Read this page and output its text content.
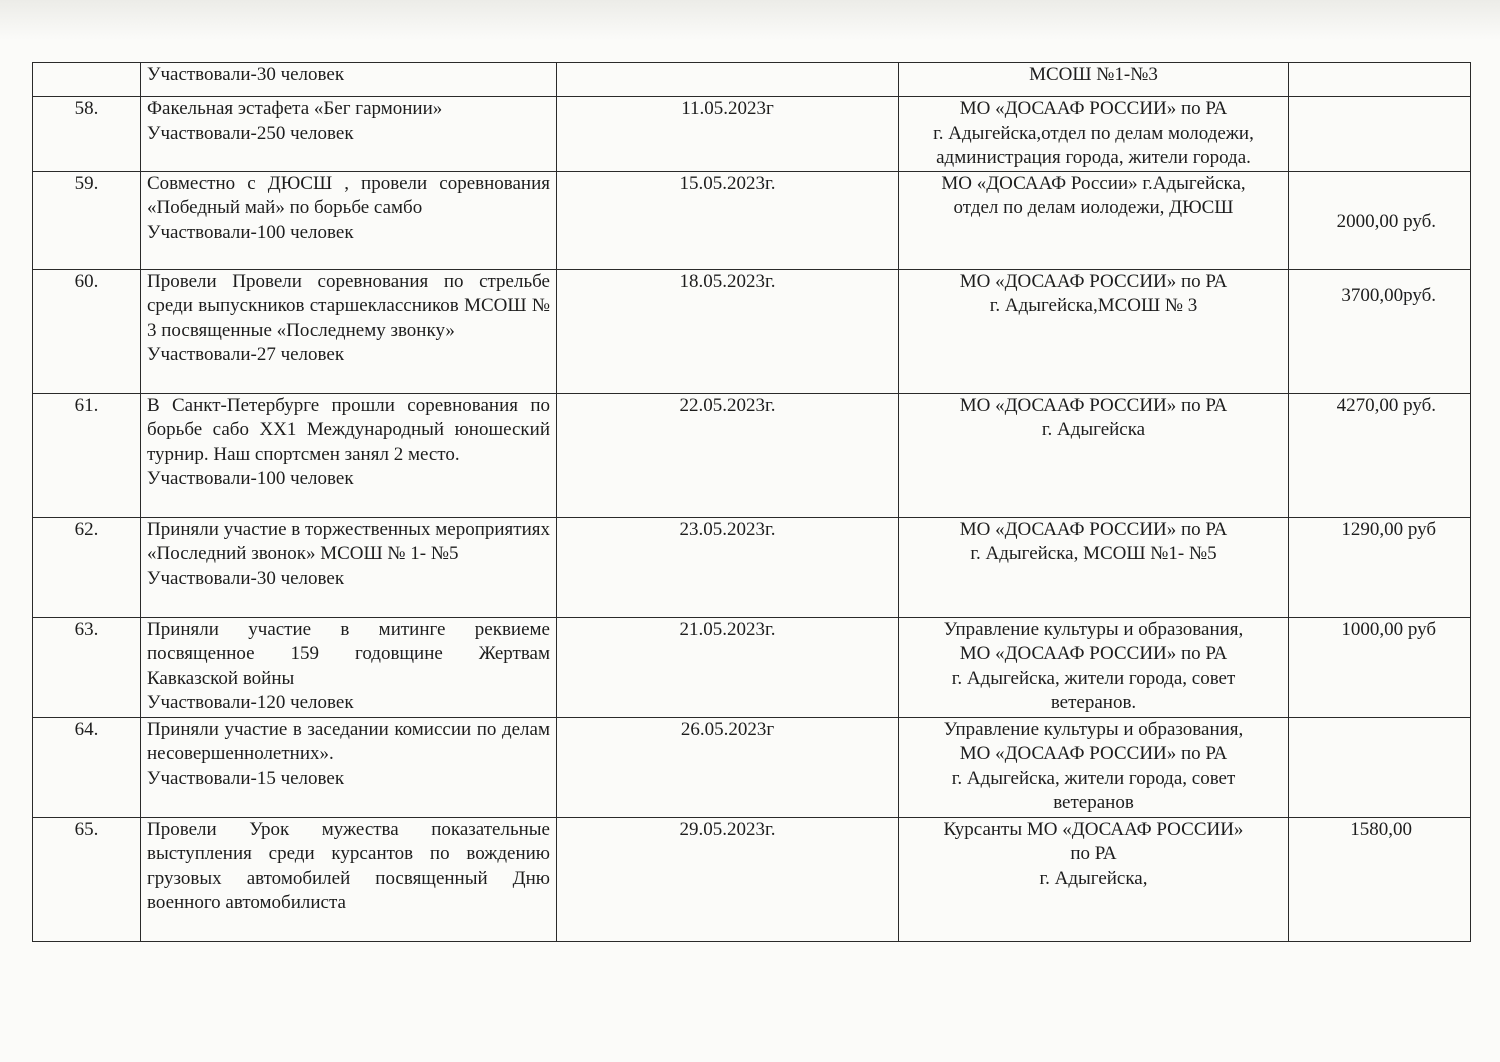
	Участвовали-30 человек		МСОШ №1-№3	
58.	Факельная эстафета «Бег гармонии»
Участвовали-250 человек	11.05.2023г	МО «ДОСААФ РОССИИ» по РА
г. Адыгейска,отдел по делам молодежи,
администрация города, жители города.	
59.	Совместно с ДЮСШ , провели соревнования «Победный май» по борьбе самбо
Участвовали-100 человек	15.05.2023г.	МО «ДОСААФ России» г.Адыгейска,
отдел по делам иолодежи, ДЮСШ	2000,00 руб.

60.	Провели Провели соревнования по стрельбе среди выпускников старшеклассников МСОШ № 3 посвященные «Последнему звонку»
Участвовали-27 человек	18.05.2023г.	МО «ДОСААФ РОССИИ» по РА
г. Адыгейска,МСОШ № 3	3700,00руб.

61.	В Санкт-Петербурге прошли соревнования по борьбе сабо XX1 Международный юношеский турнир. Наш спортсмен занял 2 место.
Участвовали-100 человек	22.05.2023г.	МО «ДОСААФ РОССИИ» по РА
г. Адыгейска	4270,00 руб.

62.	Приняли участие в торжественных мероприятиях «Последний звонок» МСОШ № 1- №5
Участвовали-30 человек	23.05.2023г.	МО «ДОСААФ РОССИИ» по РА
г. Адыгейска, МСОШ №1- №5	1290,00 руб

63.	Приняли участие в митинге реквиеме посвященное 159 годовщине Жертвам Кавказской войны
Участвовали-120 человек	21.05.2023г.	Управление культуры и образования,
МО «ДОСААФ РОССИИ» по РА
г. Адыгейска, жители города, совет
ветеранов.	1000,00 руб

64.	Приняли участие в заседании комиссии по делам несовершеннолетних».
Участвовали-15 человек	26.05.2023г	Управление культуры и образования,
МО «ДОСААФ РОССИИ» по РА
г. Адыгейска, жители города, совет
ветеранов	
65.	Провели Урок мужества показательные выступления среди курсантов по вождению грузовых автомобилей посвященный Дню военного автомобилиста	29.05.2023г.	Курсанты МО «ДОСААФ РОССИИ»
по РА
г. Адыгейска,	1580,00
